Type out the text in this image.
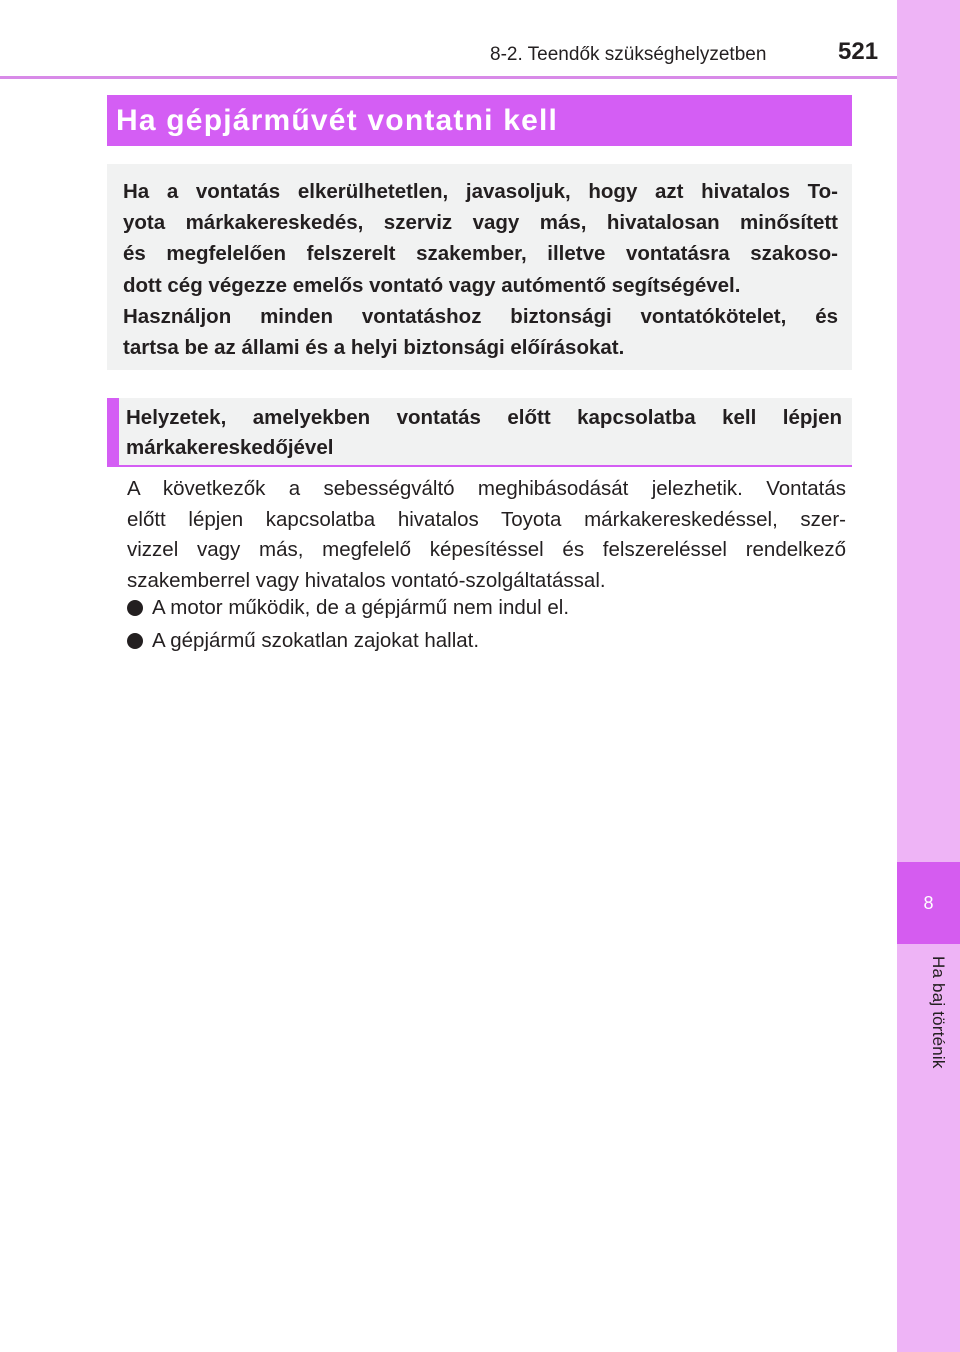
8
Ha baj történik
8-2. Teendők szükséghelyzetben	521
Ha gépjárművét vontatni kell
Ha a vontatás elkerülhetetlen, javasoljuk, hogy azt hivatalos To-
yota márkakereskedés, szerviz vagy más, hivatalosan minősített
és megfelelően felszerelt szakember, illetve vontatásra szakoso-
dott cég végezze emelős vontató vagy autómentő segítségével.
Használjon minden vontatáshoz biztonsági vontatókötelet, és
tartsa be az állami és a helyi biztonsági előírásokat.
Helyzetek, amelyekben vontatás előtt kapcsolatba kell lépjen
márkakereskedőjével
A következők a sebességváltó meghibásodását jelezhetik. Vontatás
előtt lépjen kapcsolatba hivatalos Toyota márkakereskedéssel, szer-
vizzel vagy más, megfelelő képesítéssel és felszereléssel rendelkező
szakemberrel vagy hivatalos vontató-szolgáltatással.
A motor működik, de a gépjármű nem indul el.
A gépjármű szokatlan zajokat hallat.
